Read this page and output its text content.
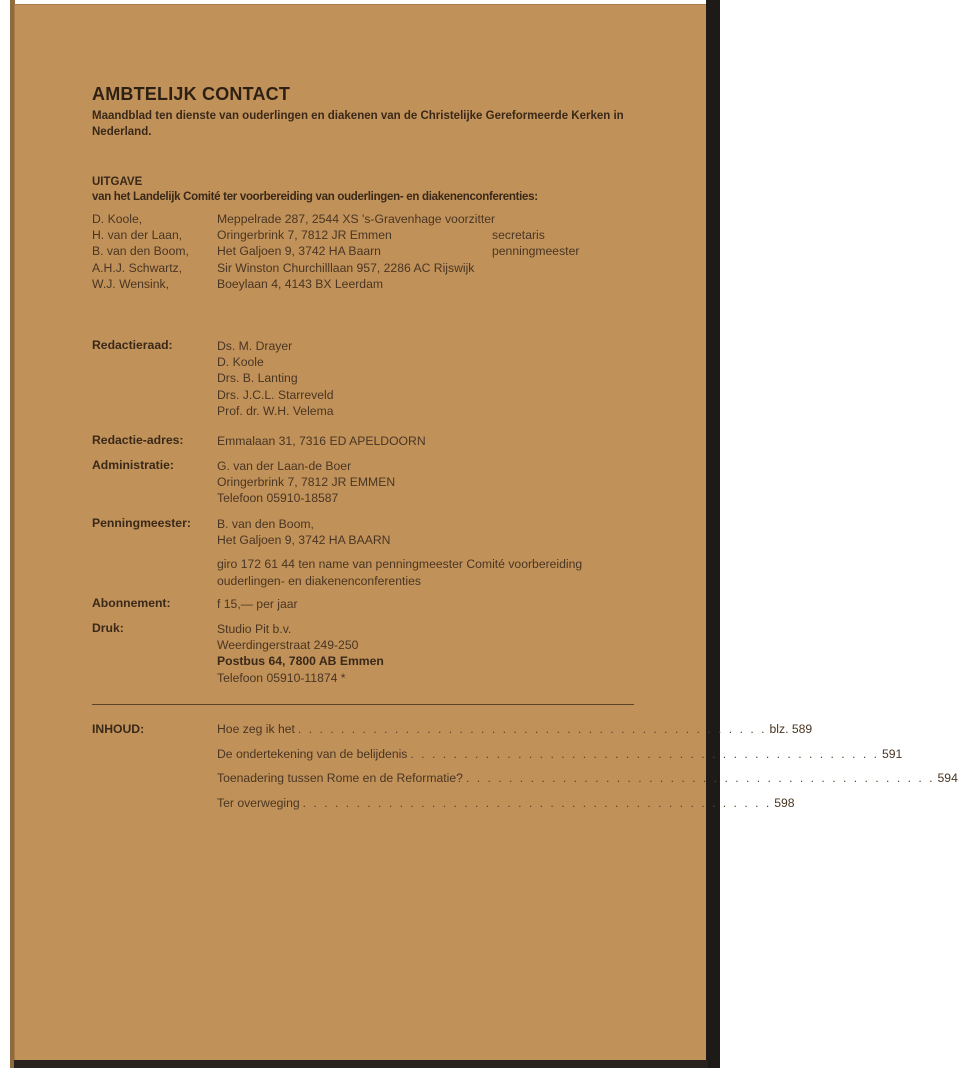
AMBTELIJK CONTACT
Maandblad ten dienste van ouderlingen en diakenen van de Christelijke Gereformeerde Kerken in Nederland.
UITGAVE
van het Landelijk Comité ter voorbereiding van ouderlingen- en diakenenconferenties:
D. Koole,	Meppelrade 287, 2544 XS 's-Gravenhage voorzitter
H. van der Laan,	Oringerbrink 7, 7812 JR Emmen	secretaris
B. van den Boom, Het Galjoen 9, 3742 HA Baarn	penningmeester
A.H.J. Schwartz,	Sir Winston Churchilllaan 957, 2286 AC Rijswijk
W.J. Wensink,	Boeylaan 4, 4143 BX Leerdam
Redactieraad:	Ds. M. Drayer
D. Koole
Drs. B. Lanting
Drs. J.C.L. Starreveld
Prof. dr. W.H. Velema
Redactie-adres:	Emmalaan 31, 7316 ED APELDOORN
Administratie:	G. van der Laan-de Boer
Oringerbrink 7, 7812 JR EMMEN
Telefoon 05910-18587
Penningmeester: B. van den Boom,
Het Galjoen 9, 3742 HA BAARN
giro 172 61 44 ten name van penningmeester Comité voorbereiding ouderlingen- en diakenenconferenties
Abonnement:	f 15,— per jaar
Druk:	Studio Pit b.v.
Weerdingerstraat 249-250
Postbus 64, 7800 AB Emmen
Telefoon 05910-11874 *
INHOUD:	Hoe zeg ik het . . . . . . . . . . . . . . . . . . . . . . . . . . . . . . . . . . . . . . . . . . . . blz. 589
De ondertekening van de belijdenis . . . . . . . . . . . . . . . . . . . . . . . . . . . . . . . . . . . . . . . . . . . . 591
Toenadering tussen Rome en de Reformatie? . . . . . . . . . . . . . . . . . . . . . . . . . . . . . . . . . . . . . . . . . . . . 594
Ter overweging . . . . . . . . . . . . . . . . . . . . . . . . . . . . . . . . . . . . . . . . . . . . 598
